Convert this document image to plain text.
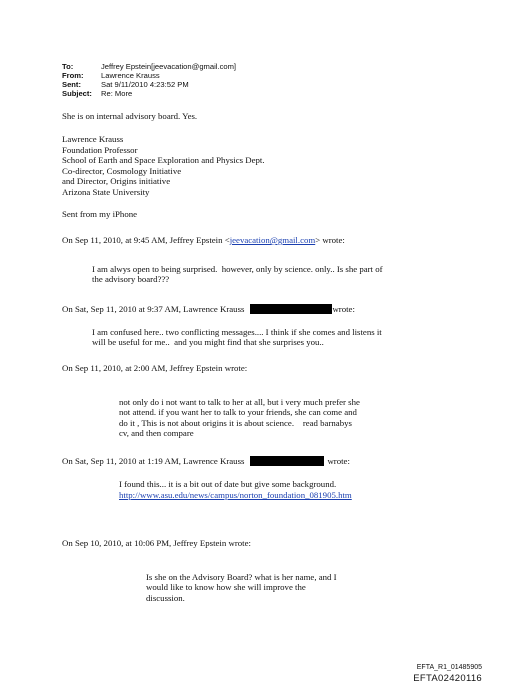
To:	Jeffrey Epstein[jeevacation@gmail.com]
From: Lawrence Krauss
Sent:	Sat 9/11/2010 4:23:52 PM
Subject: Re: More
She is on internal advisory board. Yes.
Lawrence Krauss
Foundation Professor
School of Earth and Space Exploration and Physics Dept.
Co-director, Cosmology Initiative
and Director, Origins initiative
Arizona State University
Sent from my iPhone
On Sep 11, 2010, at 9:45 AM, Jeffrey Epstein <jeevacation@gmail.com> wrote:
I am alwys open to being surprised.  however, only by science. only.. Is she part of
the advisory board???
On Sat, Sep 11, 2010 at 9:37 AM, Lawrence Krauss	wrote:
I am confused here.. two conflicting messages.... I think if she comes and listens it
will be useful for me..  and you might find that she surprises you..
On Sep 11, 2010, at 2:00 AM, Jeffrey Epstein wrote:
not only do i not want to talk to her at all, but i very much prefer she
not attend. if you want her to talk to your friends, she can come and
do it , This is not about origins it is about science.    read barnabys
cv, and then compare
On Sat, Sep 11, 2010 at 1:19 AM, Lawrence Krauss	wrote:
I found this... it is a bit out of date but give some background.
http://www.asu.edu/news/campus/norton_foundation_081905.htm
On Sep 10, 2010, at 10:06 PM, Jeffrey Epstein wrote:
Is she on the Advisory Board? what is her name, and I
would like to know how she will improve the
discussion.
EFTA_R1_01485905
EFTA02420116
